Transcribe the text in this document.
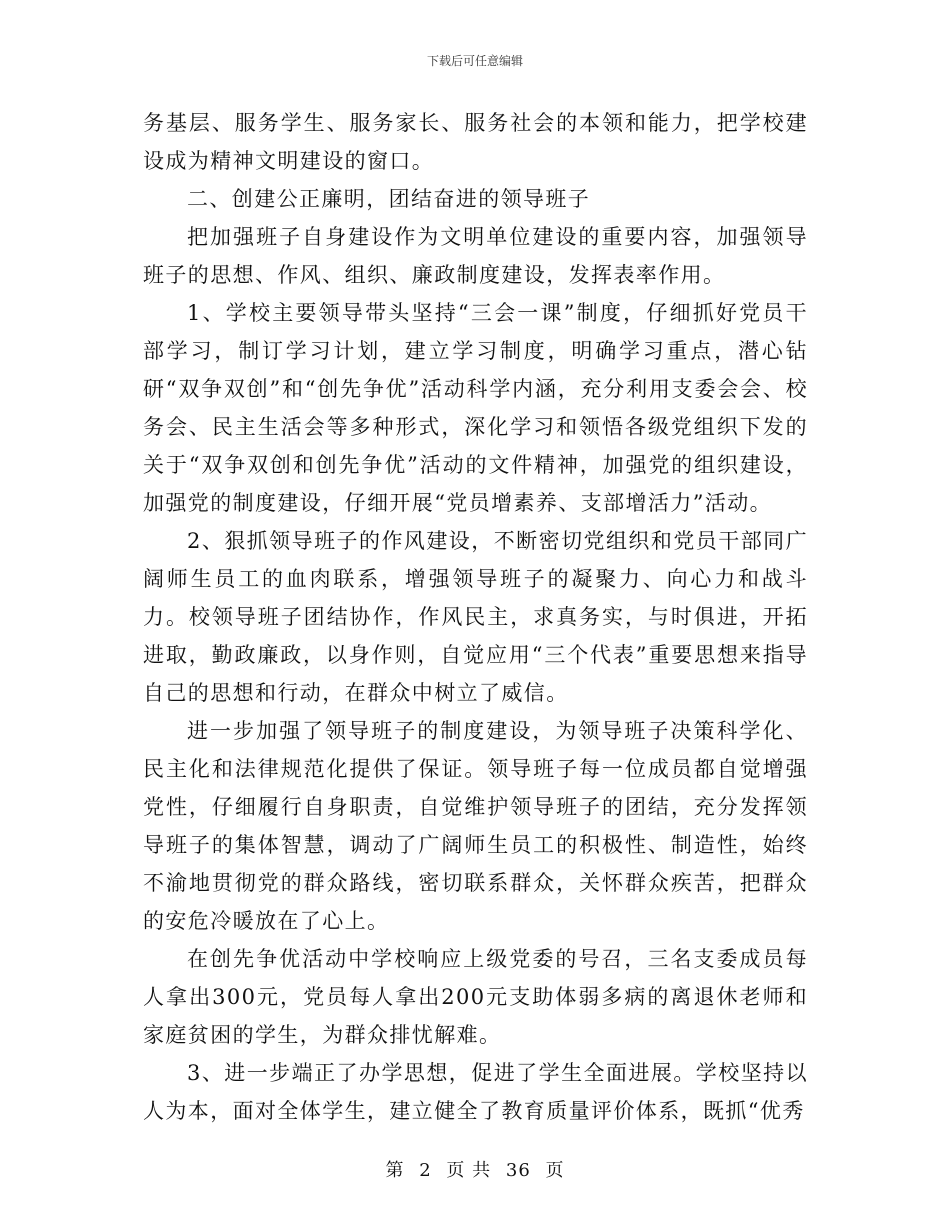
下载后可任意编辑

务基层、服务学生、服务家长、服务社会的本领和能力，把学校建设成为精神文明建设的窗口。

二、创建公正廉明，团结奋进的领导班子

把加强班子自身建设作为文明单位建设的重要内容，加强领导班子的思想、作风、组织、廉政制度建设，发挥表率作用。

1、学校主要领导带头坚持“三会一课”制度，仔细抓好党员干部学习，制订学习计划，建立学习制度，明确学习重点，潜心钻研“双争双创”和“创先争优”活动科学内涵，充分利用支委会会、校务会、民主生活会等多种形式，深化学习和领悟各级党组织下发的关于“双争双创和创先争优”活动的文件精神，加强党的组织建设，加强党的制度建设，仔细开展“党员增素养、支部增活力”活动。

2、狠抓领导班子的作风建设，不断密切党组织和党员干部同广阔师生员工的血肉联系，增强领导班子的凝聚力、向心力和战斗力。校领导班子团结协作，作风民主，求真务实，与时俱进，开拓进取，勤政廉政，以身作则，自觉应用“三个代表”重要思想来指导自己的思想和行动，在群众中树立了威信。

进一步加强了领导班子的制度建设，为领导班子决策科学化、民主化和法律规范化提供了保证。领导班子每一位成员都自觉增强党性，仔细履行自身职责，自觉维护领导班子的团结，充分发挥领导班子的集体智慧，调动了广阔师生员工的积极性、制造性，始终不渝地贯彻党的群众路线，密切联系群众，关怀群众疾苦，把群众的安危冷暖放在了心上。

在创先争优活动中学校响应上级党委的号召，三名支委成员每人拿出300元，党员每人拿出200元支助体弱多病的离退休老师和家庭贫困的学生，为群众排忧解难。

3、进一步端正了办学思想，促进了学生全面进展。学校坚持以人为本，面对全体学生，建立健全了教育质量评价体系，既抓“优秀

第 2 页 共 36 页
